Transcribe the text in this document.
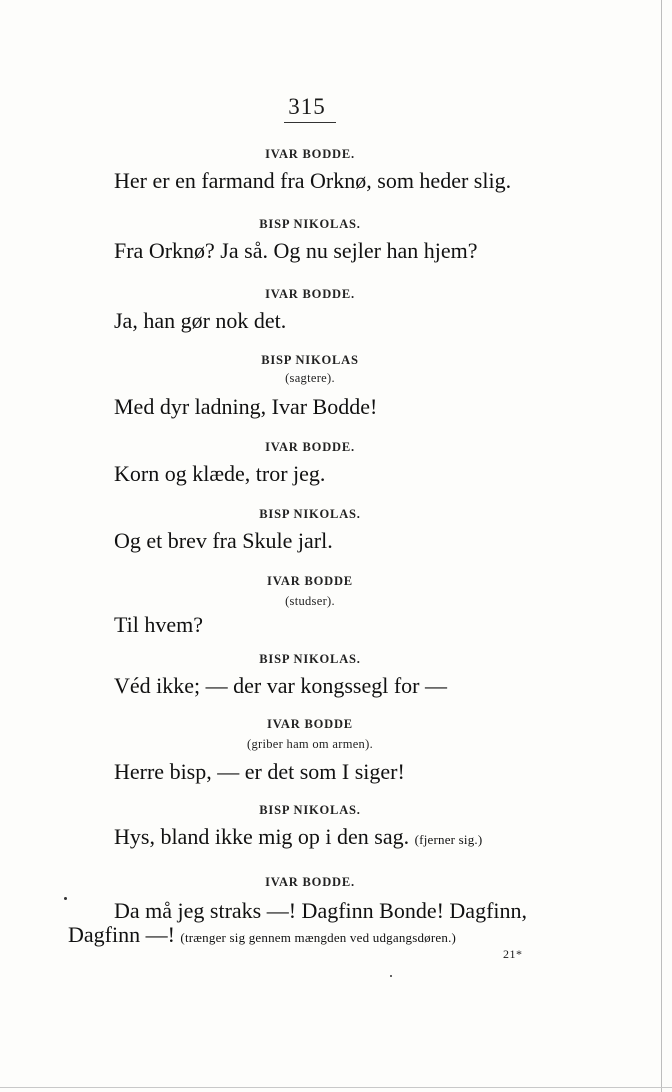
315
IVAR BODDE.
Her er en farmand fra Orknø, som heder slig.
BISP NIKOLAS.
Fra Orknø? Ja så. Og nu sejler han hjem?
IVAR BODDE.
Ja, han gør nok det.
BISP NIKOLAS
(sagtere).
Med dyr ladning, Ivar Bodde!
IVAR BODDE.
Korn og klæde, tror jeg.
BISP NIKOLAS.
Og et brev fra Skule jarl.
IVAR BODDE
(studser).
Til hvem?
BISP NIKOLAS.
Véd ikke; — der var kongssegl for —
IVAR BODDE
(griber ham om armen).
Herre bisp, — er det som I siger!
BISP NIKOLAS.
Hys, bland ikke mig op i den sag. (fjerner sig.)
IVAR BODDE.
Da må jeg straks —! Dagfinn Bonde! Dagfinn,
Dagfinn —! (trænger sig gennem mængden ved udgangsdøren.)
21*
